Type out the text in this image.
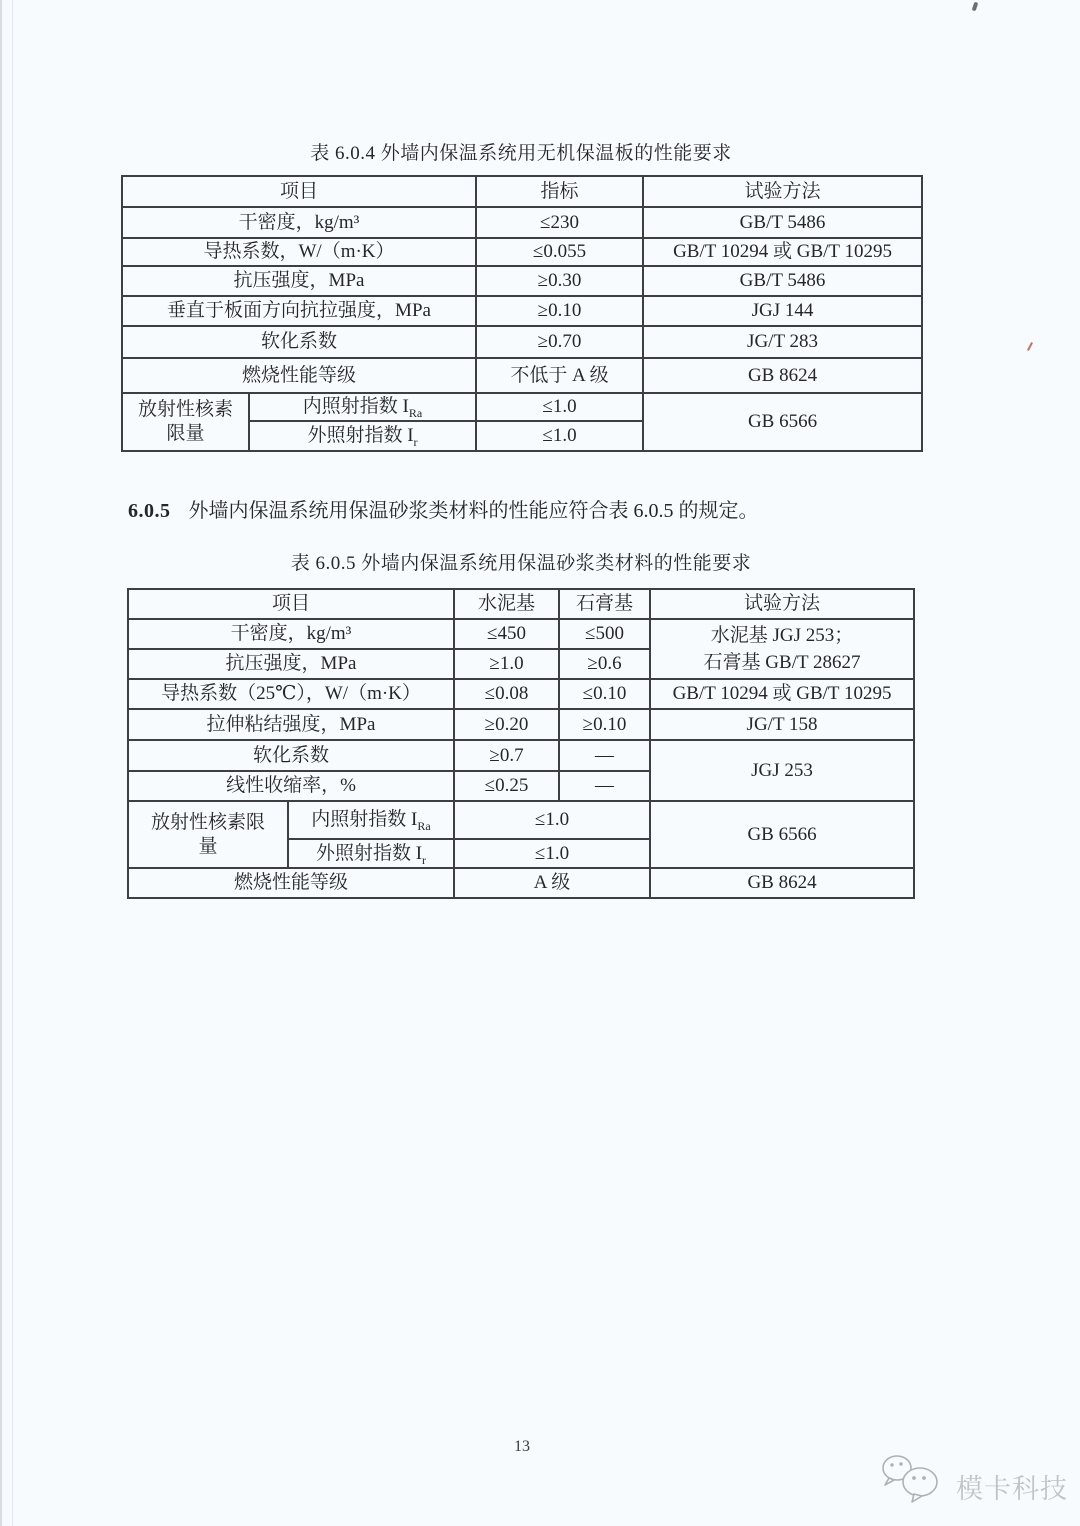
表 6.0.4 外墙内保温系统用无机保温板的性能要求
项目		指标	试验方法
干密度，kg/m³		≤230	GB/T 5486
导热系数，W/（m·K）		≤0.055	GB/T 10294 或 GB/T 10295
抗压强度，MPa		≥0.30	GB/T 5486
垂直于板面方向抗拉强度，MPa		≥0.10	JGJ 144
软化系数		≥0.70	JG/T 283
燃烧性能等级		不低于 A 级	GB 8624

放射性核素
限量	内照射指数 $I_{Ra}$	≤1.0	GB 6566
	外照射指数 $I_r$	≤1.0	
6.0.5 外墙内保温系统用保温砂浆类材料的性能应符合表 6.0.5 的规定。
表 6.0.5 外墙内保温系统用保温砂浆类材料的性能要求
项目		水泥基	石膏基	试验方法
干密度，kg/m³		≤450	≤500	水泥基 JGJ 253；
石膏基 GB/T 28627

抗压强度，MPa		≥1.0	≥0.6	
导热系数（25℃），W/（m·K）		≤0.08	≤0.10	GB/T 10294 或 GB/T 10295
拉伸粘结强度，MPa		≥0.20	≥0.10	JG/T 158
软化系数		≥0.7	—	JGJ 253
线性收缩率，%		≤0.25	—	

放射性核素限
量	内照射指数 $I_{Ra}$	≤1.0		GB 6566
	外照射指数 $I_r$	≤1.0		
燃烧性能等级		A 级		GB 8624
13
模卡科技
